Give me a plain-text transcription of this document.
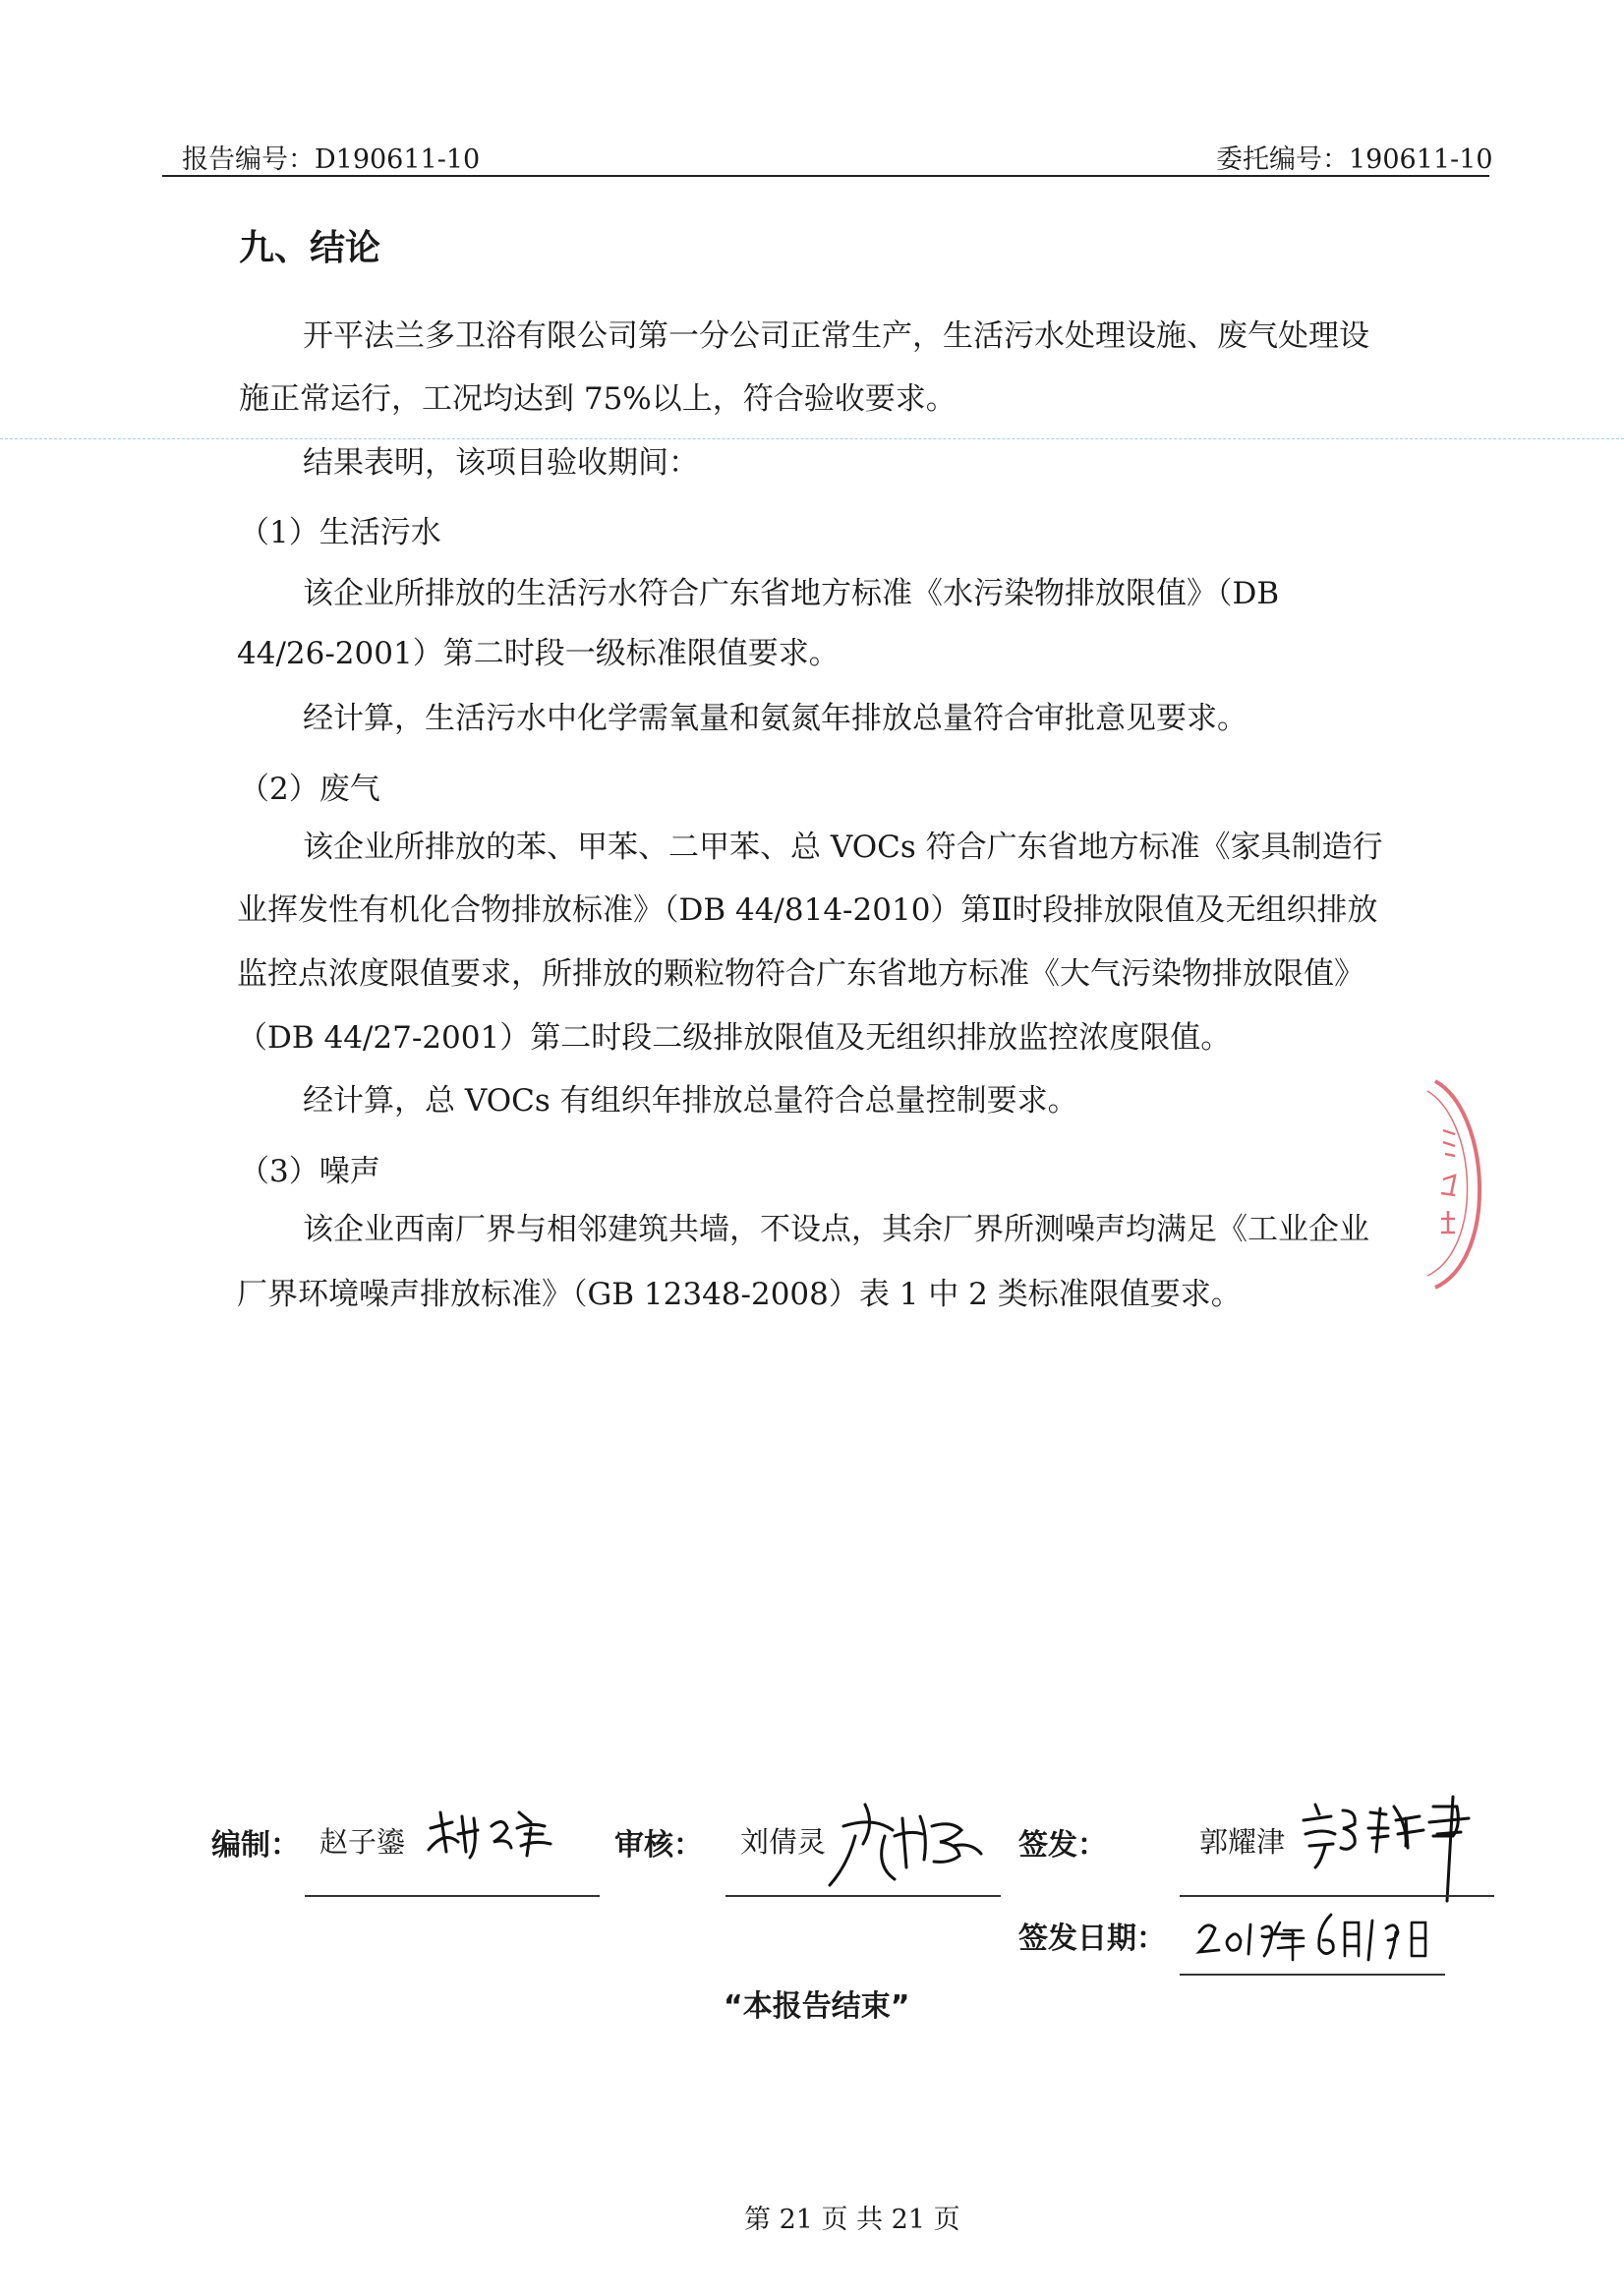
报告编号：D190611-10	委托编号：190611-10
九、结论
开平法兰多卫浴有限公司第一分公司正常生产，生活污水处理设施、废气处理设
施正常运行，工况均达到 75%以上，符合验收要求。
结果表明，该项目验收期间：
（1）生活污水
该企业所排放的生活污水符合广东省地方标准《水污染物排放限值》（DB
44/26-2001）第二时段一级标准限值要求。
经计算，生活污水中化学需氧量和氨氮年排放总量符合审批意见要求。
（2）废气
该企业所排放的苯、甲苯、二甲苯、总 VOCs 符合广东省地方标准《家具制造行
业挥发性有机化合物排放标准》（DB 44/814-2010）第Ⅱ时段排放限值及无组织排放
监控点浓度限值要求，所排放的颗粒物符合广东省地方标准《大气污染物排放限值》
（DB 44/27-2001）第二时段二级排放限值及无组织排放监控浓度限值。
经计算，总 VOCs 有组织年排放总量符合总量控制要求。
（3）噪声
该企业西南厂界与相邻建筑共墙，不设点，其余厂界所测噪声均满足《工业企业
厂界环境噪声排放标准》（GB 12348-2008）表 1 中 2 类标准限值要求。
编制： 赵子鎏	审核： 刘倩灵	签发：	郭耀津
签发日期：
“本报告结束”
第 21 页 共 21 页
